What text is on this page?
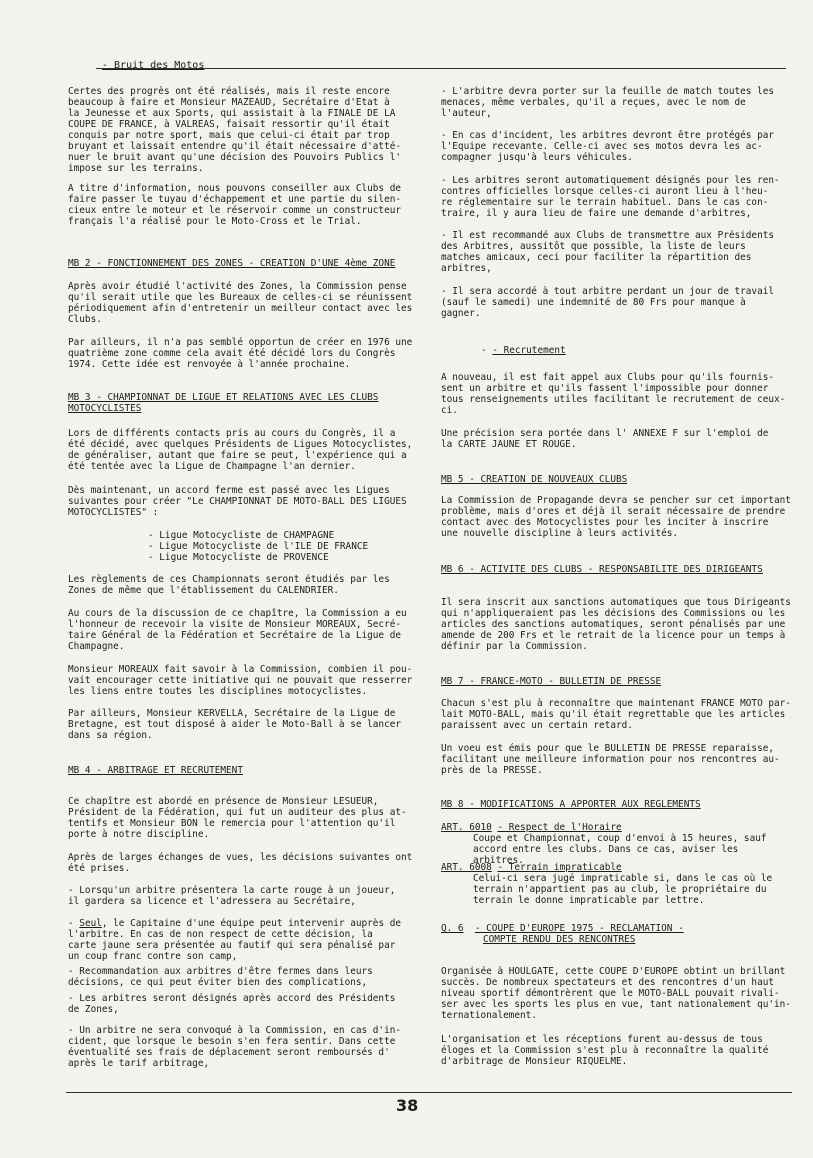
- Bruit des Motos

Certes des progrès ont été réalisés, mais il reste encore
beaucoup à faire et Monsieur MAZEAUD, Secrétaire d'Etat à
la Jeunesse et aux Sports, qui assistait à la FINALE DE LA
COUPE DE FRANCE, à VALREAS, faisait ressortir qu'il était
conquis par notre sport, mais que celui-ci était par trop
bruyant et laissait entendre qu'il était nécessaire d'atté-
nuer le bruit avant qu'une décision des Pouvoirs Publics l'
impose sur les terrains.

A titre d'information, nous pouvons conseiller aux Clubs de
faire passer le tuyau d'échappement et une partie du silen-
cieux entre le moteur et le réservoir comme un constructeur
français l'a réalisé pour le Moto-Cross et le Trial.

MB 2 - FONCTIONNEMENT DES ZONES - CREATION D'UNE 4ème ZONE

Après avoir étudié l'activité des Zones, la Commission pense
qu'il serait utile que les Bureaux de celles-ci se réunissent
périodiquement afin d'entretenir un meilleur contact avec les
Clubs.

Par ailleurs, il n'a pas semblé opportun de créer en 1976 une
quatrième zone comme cela avait été décidé lors du Congrès
1974. Cette idée est renvoyée à l'année prochaine.

MB 3 - CHAMPIONNAT DE LIGUE ET RELATIONS AVEC LES CLUBS
MOTOCYCLISTES

Lors de différents contacts pris au cours du Congrès, il a
été décidé, avec quelques Présidents de Ligues Motocyclistes,
de généraliser, autant que faire se peut, l'expérience qui a
été tentée avec la Ligue de Champagne l'an dernier.

Dès maintenant, un accord ferme est passé avec les Ligues
suivantes pour créer "Le CHAMPIONNAT DE MOTO-BALL DES LIGUES
MOTOCYCLISTES" :

- Ligue Motocycliste de CHAMPAGNE
- Ligue Motocycliste de l'ILE DE FRANCE
- Ligue Motocycliste de PROVENCE

Les règlements de ces Championnats seront étudiés par les
Zones de même que l'établissement du CALENDRIER.

Au cours de la discussion de ce chapître, la Commission a eu
l'honneur de recevoir la visite de Monsieur MOREAUX, Secré-
taire Général de la Fédération et Secrétaire de la Ligue de
Champagne.

Monsieur MOREAUX fait savoir à la Commission, combien il pou-
vait encourager cette initiative qui ne pouvait que resserrer
les liens entre toutes les disciplines motocyclistes.

Par ailleurs, Monsieur KERVELLA, Secrétaire de la Ligue de
Bretagne, est tout disposé à aider le Moto-Ball à se lancer
dans sa région.

MB 4 - ARBITRAGE ET RECRUTEMENT

Ce chapître est abordé en présence de Monsieur LESUEUR,
Président de la Fédération, qui fut un auditeur des plus at-
tentifs et Monsieur BON le remercia pour l'attention qu'il
porte à notre discipline.

Après de larges échanges de vues, les décisions suivantes ont
été prises.

- Lorsqu'un arbitre présentera la carte rouge à un joueur,
il gardera sa licence et l'adressera au Secrétaire,
- Seul, le Capitaine d'une équipe peut intervenir auprès de
l'arbitre. En cas de non respect de cette décision, la
carte jaune sera présentée au fautif qui sera pénalisé par
un coup franc contre son camp,
- Recommandation aux arbitres d'être fermes dans leurs
décisions, ce qui peut éviter bien des complications,
- Les arbitres seront désignés après accord des Présidents
de Zones,
- Un arbitre ne sera convoqué à la Commission, en cas d'in-
cident, que lorsque le besoin s'en fera sentir. Dans cette
éventualité ses frais de déplacement seront remboursés d'
après le tarif arbitrage,
- L'arbitre devra porter sur la feuille de match toutes les
menaces, même verbales, qu'il a reçues, avec le nom de
l'auteur,
- En cas d'incident, les arbitres devront être protégés par
l'Equipe recevante. Celle-ci avec ses motos devra les ac-
compagner jusqu'à leurs véhicules.
- Les arbitres seront automatiquement désignés pour les ren-
contres officielles lorsque celles-ci auront lieu à l'heu-
re réglementaire sur le terrain habituel. Dans le cas con-
traire, il y aura lieu de faire une demande d'arbitres,
- Il est recommandé aux Clubs de transmettre aux Présidents
des Arbitres, aussitôt que possible, la liste de leurs
matches amicaux, ceci pour faciliter la répartition des
arbitres,
- Il sera accordé à tout arbitre perdant un jour de travail
(sauf le samedi) une indemnité de 80 Frs pour manque à
gagner.
- - Recrutement

A nouveau, il est fait appel aux Clubs pour qu'ils fournis-
sent un arbitre et qu'ils fassent l'impossible pour donner
tous renseignements utiles facilitant le recrutement de ceux-
ci.

Une précision sera portée dans l' ANNEXE F sur l'emploi de
la CARTE JAUNE ET ROUGE.

MB 5 - CREATION DE NOUVEAUX CLUBS

La Commission de Propagande devra se pencher sur cet important
problème, mais d'ores et déjà il serait nécessaire de prendre
contact avec des Motocyclistes pour les inciter à inscrire
une nouvelle discipline à leurs activités.

MB 6 - ACTIVITE DES CLUBS - RESPONSABILITE DES DIRIGEANTS

Il sera inscrit aux sanctions automatiques que tous Dirigeants
qui n'appliqueraient pas les décisions des Commissions ou les
articles des sanctions automatiques, seront pénalisés par une
amende de 200 Frs et le retrait de la licence pour un temps à
définir par la Commission.

MB 7 - FRANCE-MOTO - BULLETIN DE PRESSE

Chacun s'est plu à reconnaître que maintenant FRANCE MOTO par-
lait MOTO-BALL, mais qu'il était regrettable que les articles
paraissent avec un certain retard.

Un voeu est émis pour que le BULLETIN DE PRESSE reparaisse,
facilitant une meilleure information pour nos rencontres au-
près de la PRESSE.

MB 8 - MODIFICATIONS A APPORTER AUX REGLEMENTS
ART. 6010 - Respect de l'Horaire

Coupe et Championnat, coup d'envoi à 15 heures, sauf
accord entre les clubs. Dans ce cas, aviser les arbitres.

ART. 6008 - Terrain impraticable

Celui-ci sera jugé impraticable si, dans le cas où le
terrain n'appartient pas au club, le propriétaire du
terrain le donne impraticable par lettre.

Q. 6 - COUPE D'EUROPE 1975 - RECLAMATION -
COMPTE RENDU DES RENCONTRES

Organisée à HOULGATE, cette COUPE D'EUROPE obtint un brillant
succès. De nombreux spectateurs et des rencontres d'un haut
niveau sportif démontrèrent que le MOTO-BALL pouvait rivali-
ser avec les sports les plus en vue, tant nationalement qu'in-
ternationalement.

L'organisation et les réceptions furent au-dessus de tous
éloges et la Commission s'est plu à reconnaître la qualité
d'arbitrage de Monsieur RIQUELME.

38
